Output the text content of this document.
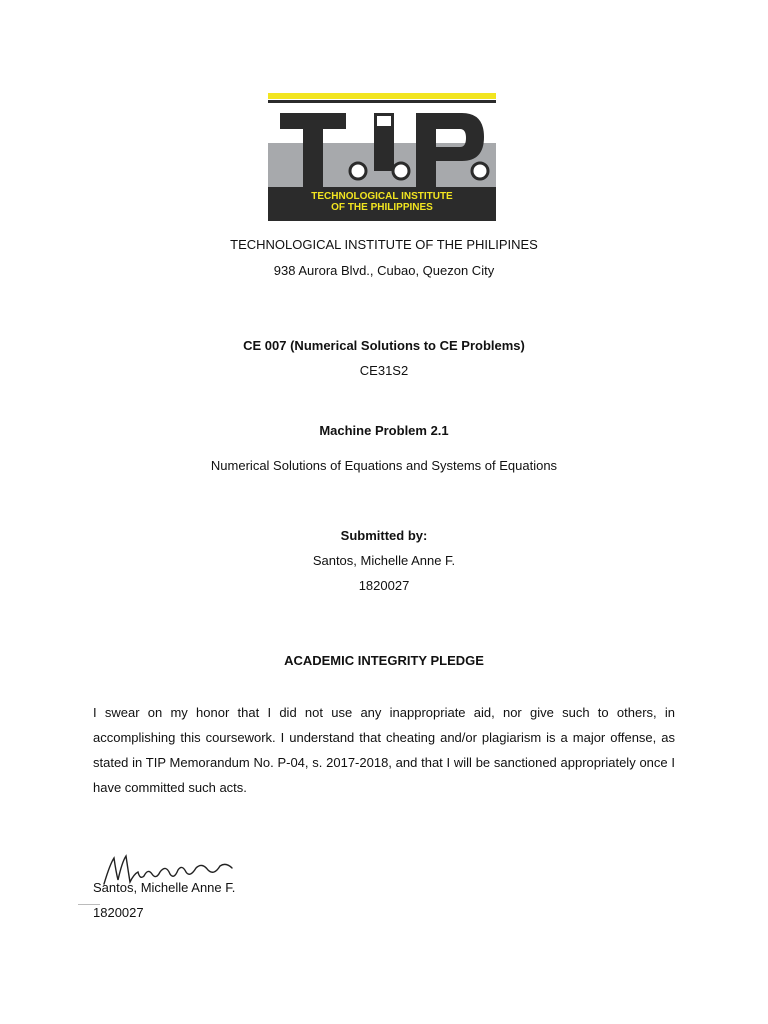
TECHNOLOGICAL INSTITUTE
OF THE PHILIPPINES
TECHNOLOGICAL INSTITUTE OF THE PHILIPINES
938 Aurora Blvd., Cubao, Quezon City
CE 007 (Numerical Solutions to CE Problems)
CE31S2
Machine Problem 2.1
Numerical Solutions of Equations and Systems of Equations
Submitted by:
Santos, Michelle Anne F.
1820027
ACADEMIC INTEGRITY PLEDGE
I swear on my honor that I did not use any inappropriate aid, nor give such to others, in accomplishing this coursework. I understand that cheating and/or plagiarism is a major offense, as stated in TIP Memorandum No. P-04, s. 2017-2018, and that I will be sanctioned appropriately once I have committed such acts.
Santos, Michelle Anne F.
1820027
